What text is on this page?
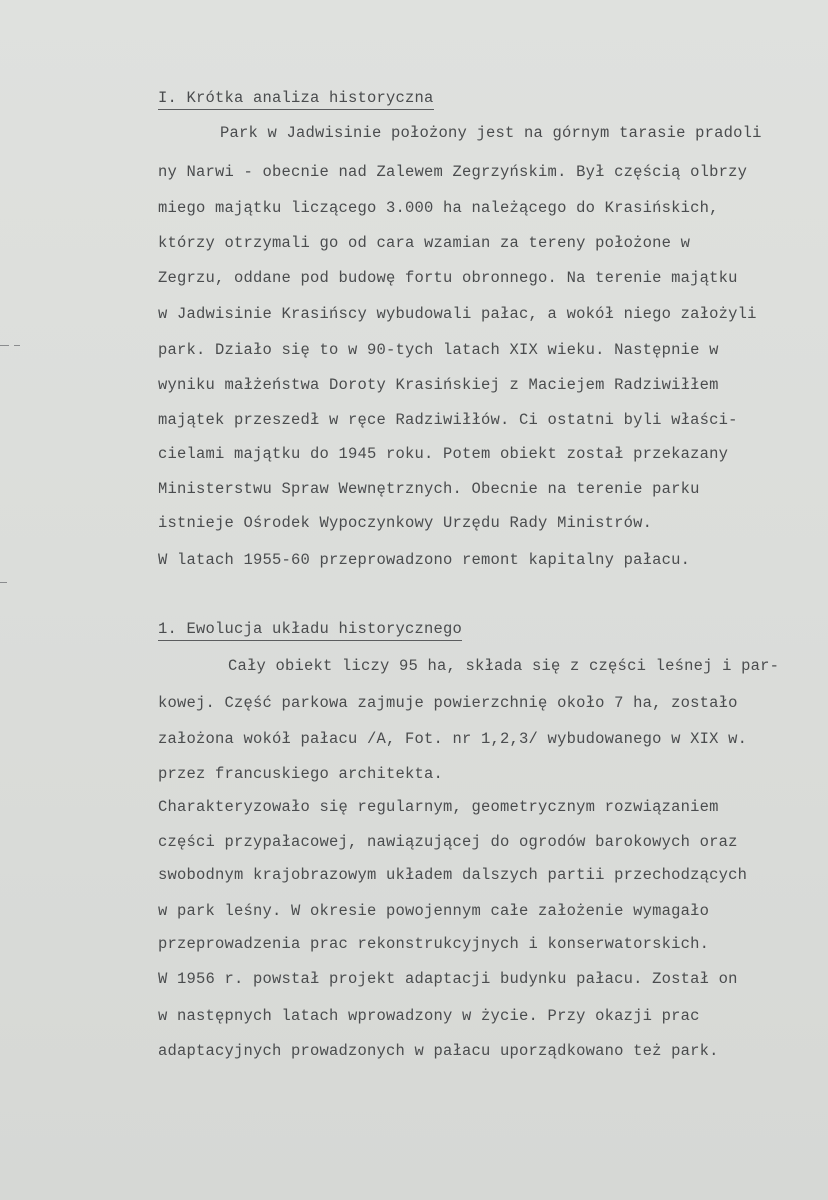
I. Krótka analiza historyczna
Park w Jadwisinie położony jest na górnym tarasie pradoli
ny Narwi - obecnie nad Zalewem Zegrzyńskim. Był częścią olbrzy
miego majątku liczącego 3.000 ha należącego do Krasińskich,
którzy otrzymali go od cara wzamian za tereny położone w
Zegrzu, oddane pod budowę fortu obronnego. Na terenie majątku
w Jadwisinie Krasińscy wybudowali pałac, a wokół niego założyli
park. Działo się to w 90-tych latach XIX wieku. Następnie w
wyniku małżeństwa Doroty Krasińskiej z Maciejem Radziwiłłem
majątek przeszedł w ręce Radziwiłłów. Ci ostatni byli właści-
cielami majątku do 1945 roku. Potem obiekt został przekazany
Ministerstwu Spraw Wewnętrznych. Obecnie na terenie parku
istnieje Ośrodek Wypoczynkowy Urzędu Rady Ministrów.
W latach 1955-60 przeprowadzono remont kapitalny pałacu.
1. Ewolucja układu historycznego
Cały obiekt liczy 95 ha, składa się z części leśnej i par-
kowej. Część parkowa zajmuje powierzchnię około 7 ha, zostało
założona wokół pałacu /A, Fot. nr 1,2,3/ wybudowanego w XIX w.
przez francuskiego architekta.
Charakteryzowało się regularnym, geometrycznym rozwiązaniem
części przypałacowej, nawiązującej do ogrodów barokowych oraz
swobodnym krajobrazowym układem dalszych partii przechodzących
w park leśny. W okresie powojennym całe założenie wymagało
przeprowadzenia prac rekonstrukcyjnych i konserwatorskich.
W 1956 r. powstał projekt adaptacji budynku pałacu. Został on
w następnych latach wprowadzony w życie. Przy okazji prac
adaptacyjnych prowadzonych w pałacu uporządkowano też park.
